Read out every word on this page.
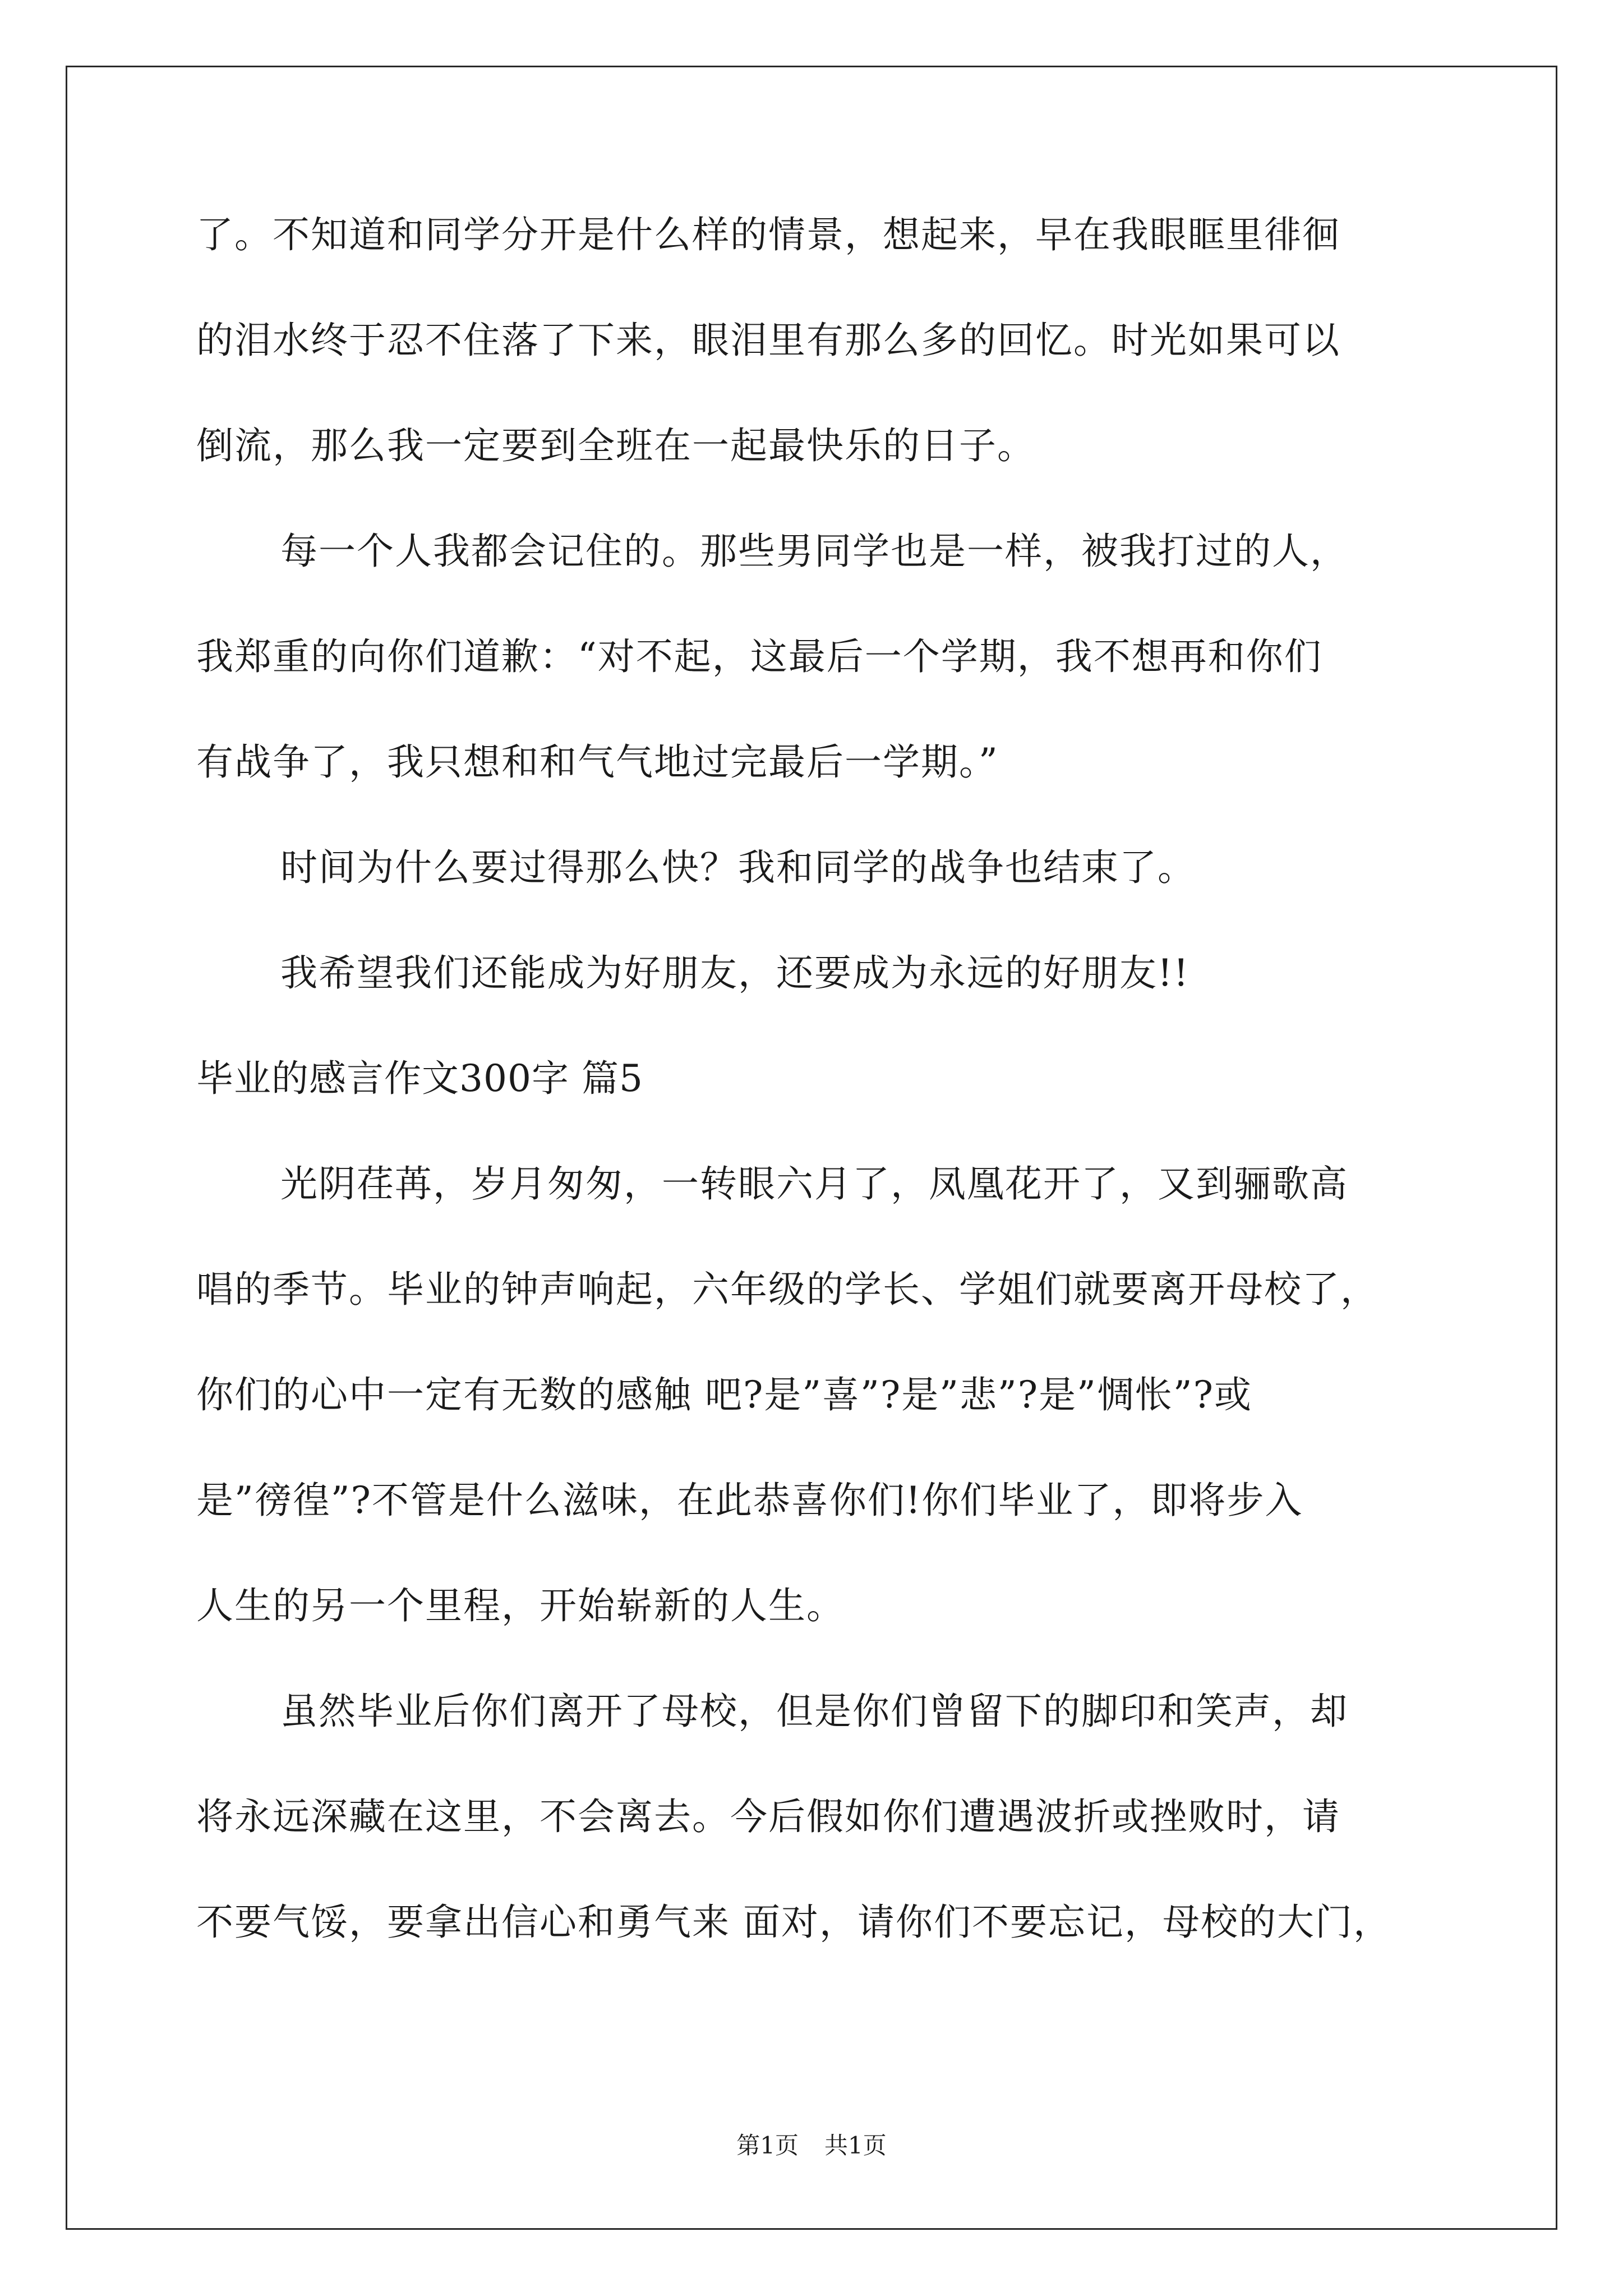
了。不知道和同学分开是什么样的情景，想起来，早在我眼眶里徘徊
的泪水终于忍不住落了下来，眼泪里有那么多的回忆。时光如果可以
倒流，那么我一定要到全班在一起最快乐的日子。
每一个人我都会记住的。那些男同学也是一样，被我打过的人，
我郑重的向你们道歉：“对不起，这最后一个学期，我不想再和你们
有战争了，我只想和和气气地过完最后一学期。”
时间为什么要过得那么快？我和同学的战争也结束了。
我希望我们还能成为好朋友，还要成为永远的好朋友!!
毕业的感言作文300字 篇5
光阴荏苒，岁月匆匆，一转眼六月了，凤凰花开了，又到骊歌高
唱的季节。毕业的钟声响起，六年级的学长、学姐们就要离开母校了，
你们的心中一定有无数的感触 吧?是”喜”?是”悲”?是”惆怅”?或
是”徬徨”?不管是什么滋味，在此恭喜你们!你们毕业了，即将步入
人生的另一个里程，开始崭新的人生。
虽然毕业后你们离开了母校，但是你们曾留下的脚印和笑声，却
将永远深藏在这里，不会离去。今后假如你们遭遇波折或挫败时，请
不要气馁，要拿出信心和勇气来 面对，请你们不要忘记，母校的大门，
第1页 共1页
